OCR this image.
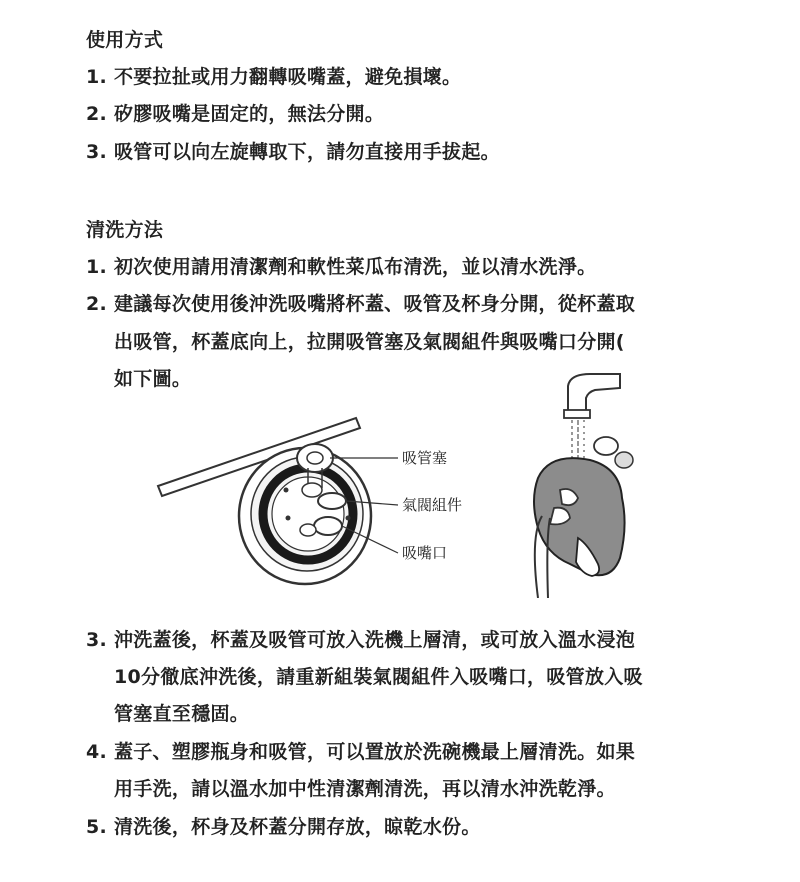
使用方式
1. 不要拉扯或用力翻轉吸嘴蓋，避免損壞。
2. 矽膠吸嘴是固定的，無法分開。
3. 吸管可以向左旋轉取下，請勿直接用手拔起。
清洗方法
1. 初次使用請用清潔劑和軟性菜瓜布清洗，並以清水洗淨。
2. 建議每次使用後沖洗吸嘴將杯蓋、吸管及杯身分開，從杯蓋取
出吸管，杯蓋底向上，拉開吸管塞及氣閥組件與吸嘴口分開(
如下圖。
吸管塞
氣閥組件
吸嘴口
3. 沖洗蓋後，杯蓋及吸管可放入洗機上層清，或可放入溫水浸泡
10分徹底沖洗後，請重新組裝氣閥組件入吸嘴口，吸管放入吸
管塞直至穩固。
4. 蓋子、塑膠瓶身和吸管，可以置放於洗碗機最上層清洗。如果
用手洗，請以溫水加中性清潔劑清洗，再以清水沖洗乾淨。
5. 清洗後，杯身及杯蓋分開存放，晾乾水份。
